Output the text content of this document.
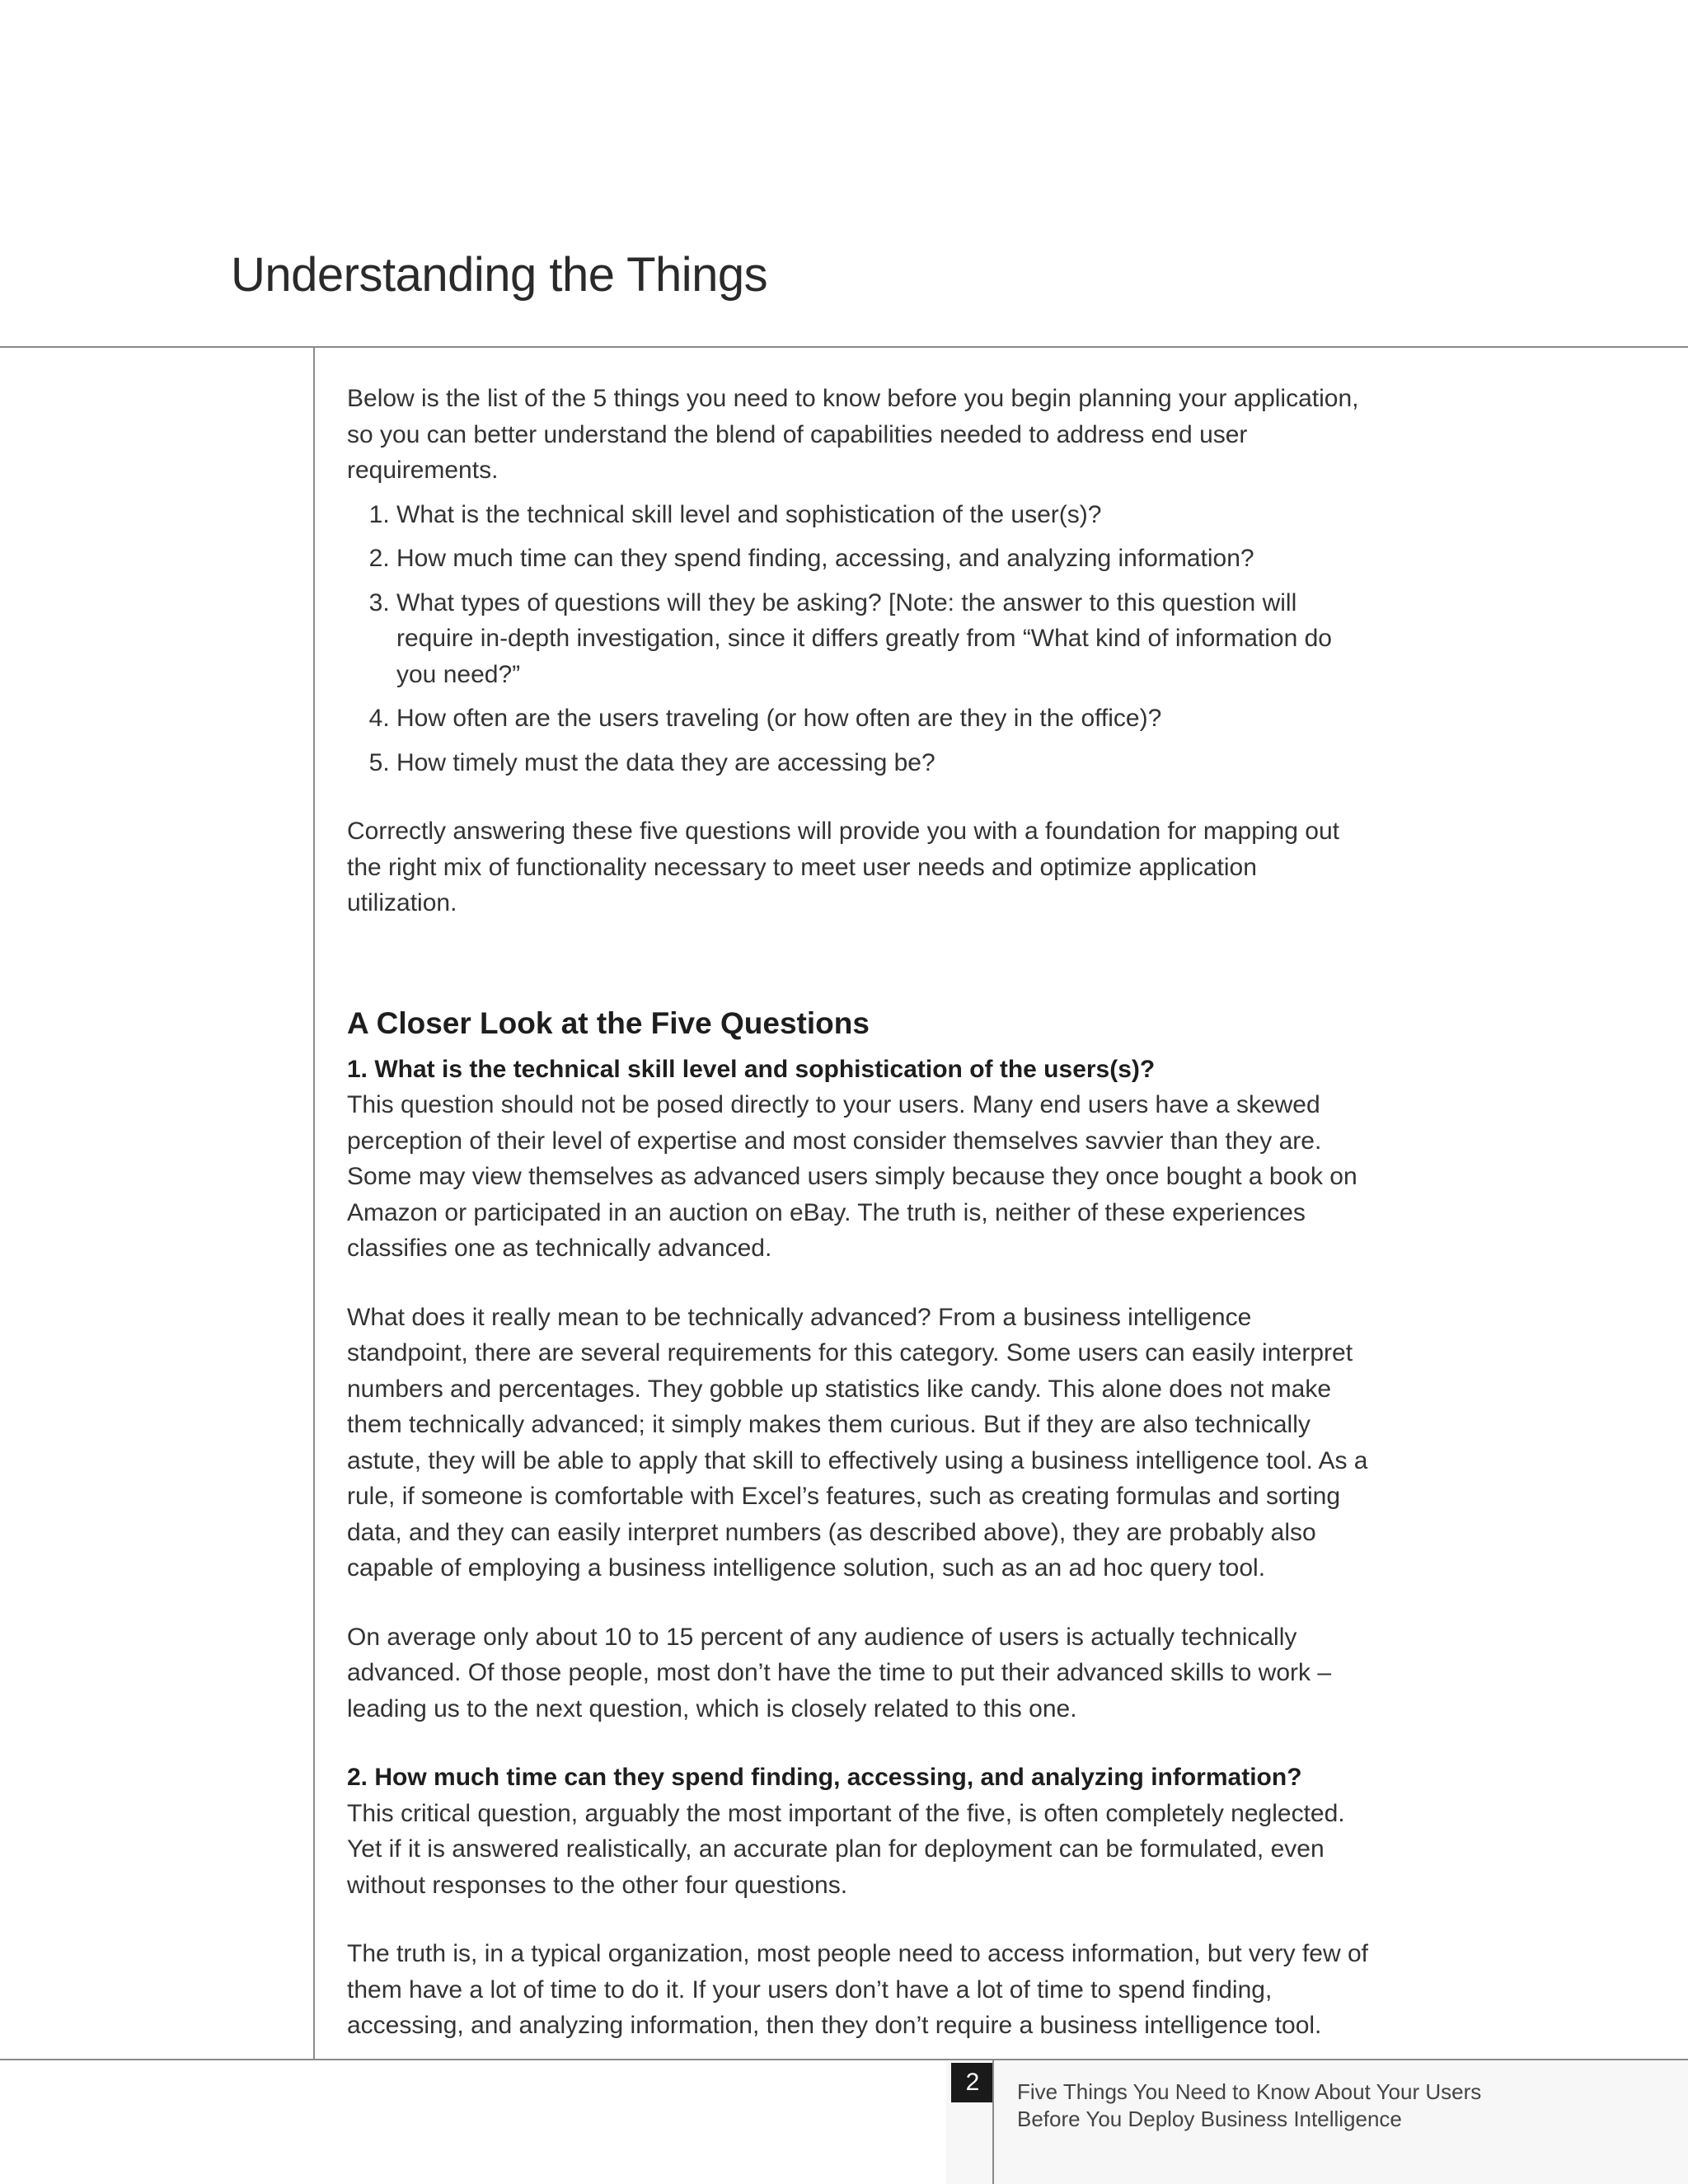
Understanding the Things

Below is the list of the 5 things you need to know before you begin planning your application, so you can better understand the blend of capabilities needed to address end user requirements.

1. What is the technical skill level and sophistication of the user(s)?
2. How much time can they spend finding, accessing, and analyzing information?
3. What types of questions will they be asking? [Note: the answer to this question will require in-depth investigation, since it differs greatly from “What kind of information do you need?”
4. How often are the users traveling (or how often are they in the office)?
5. How timely must the data they are accessing be?

Correctly answering these five questions will provide you with a foundation for mapping out the right mix of functionality necessary to meet user needs and optimize application utilization.

A Closer Look at the Five Questions
1. What is the technical skill level and sophistication of the users(s)?

This question should not be posed directly to your users. Many end users have a skewed perception of their level of expertise and most consider themselves savvier than they are. Some may view themselves as advanced users simply because they once bought a book on Amazon or participated in an auction on eBay. The truth is, neither of these experiences classifies one as technically advanced.

What does it really mean to be technically advanced? From a business intelligence standpoint, there are several requirements for this category. Some users can easily interpret numbers and percentages. They gobble up statistics like candy. This alone does not make them technically advanced; it simply makes them curious. But if they are also technically astute, they will be able to apply that skill to effectively using a business intelligence tool. As a rule, if someone is comfortable with Excel’s features, such as creating formulas and sorting data, and they can easily interpret numbers (as described above), they are probably also capable of employing a business intelligence solution, such as an ad hoc query tool.

On average only about 10 to 15 percent of any audience of users is actually technically advanced. Of those people, most don’t have the time to put their advanced skills to work – leading us to the next question, which is closely related to this one.

2. How much time can they spend finding, accessing, and analyzing information?

This critical question, arguably the most important of the five, is often completely neglected. Yet if it is answered realistically, an accurate plan for deployment can be formulated, even without responses to the other four questions.

The truth is, in a typical organization, most people need to access information, but very few of them have a lot of time to do it. If your users don’t have a lot of time to spend finding, accessing, and analyzing information, then they don’t require a business intelligence tool.

2	Five Things You Need to Know About Your Users
Before You Deploy Business Intelligence
